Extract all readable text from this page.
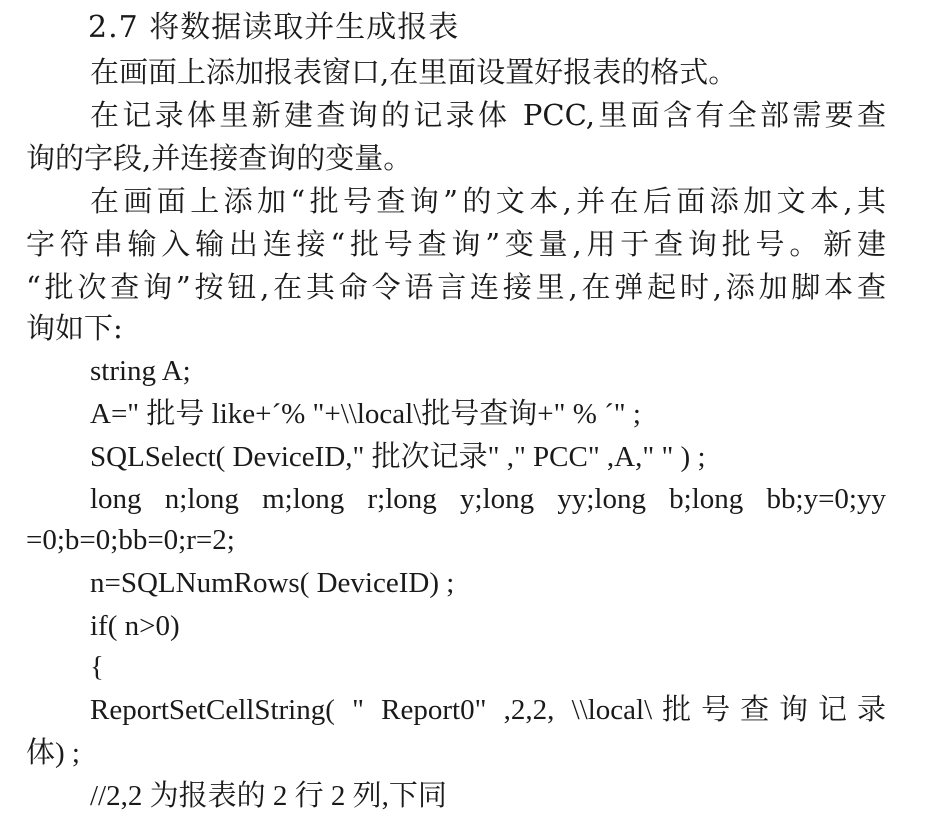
2.7 将数据读取并生成报表
在画面上添加报表窗口,在里面设置好报表的格式。
在记录体里新建查询的记录体 PCC,里面含有全部需要查
询的字段,并连接查询的变量。
在画面上添加“批号查询”的文本,并在后面添加文本,其
字符串输入输出连接“批号查询”变量,用于查询批号。新建
“批次查询”按钮,在其命令语言连接里,在弹起时,添加脚本查
询如下:
string A;
A=" 批号 like+´% "+\\local\批号查询+" % ´" ;
SQLSelect( DeviceID," 批次记录" ," PCC" ,A," " ) ;
long n;long m;long r;long y;long yy;long b;long bb;y=0;yy
=0;b=0;bb=0;r=2;
n=SQLNumRows( DeviceID) ;
if( n>0)
{
ReportSetCellString( " Report0" ,2,2, \\local\批号查询记录
体) ;
//2,2 为报表的 2 行 2 列,下同
